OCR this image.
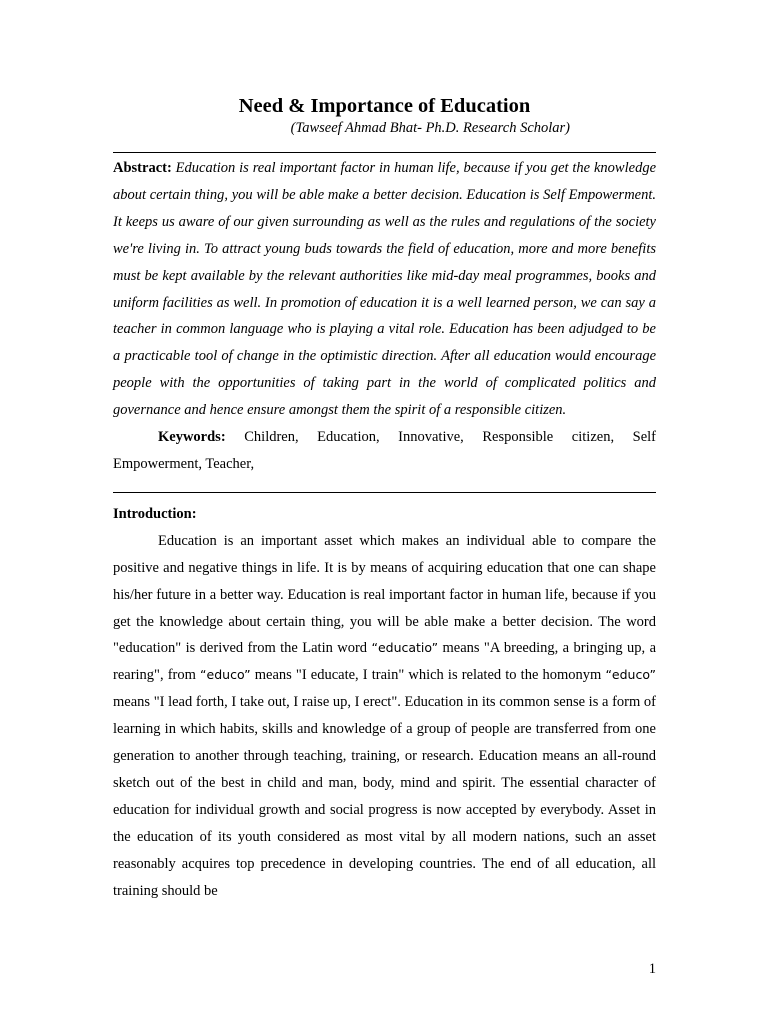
Need & Importance of Education

(Tawseef Ahmad Bhat- Ph.D. Research Scholar)

Abstract: Education is real important factor in human life, because if you get the knowledge about certain thing, you will be able make a better decision. Education is Self Empowerment. It keeps us aware of our given surrounding as well as the rules and regulations of the society we're living in. To attract young buds towards the field of education, more and more benefits must be kept available by the relevant authorities like mid-day meal programmes, books and uniform facilities as well. In promotion of education it is a well learned person, we can say a teacher in common language who is playing a vital role. Education has been adjudged to be a practicable tool of change in the optimistic direction. After all education would encourage people with the opportunities of taking part in the world of complicated politics and governance and hence ensure amongst them the spirit of a responsible citizen.

Keywords: Children, Education, Innovative, Responsible citizen, Self Empowerment, Teacher,

Introduction:

Education is an important asset which makes an individual able to compare the positive and negative things in life. It is by means of acquiring education that one can shape his/her future in a better way. Education is real important factor in human life, because if you get the knowledge about certain thing, you will be able make a better decision. The word "education" is derived from the Latin word “educatio” means "A breeding, a bringing up, a rearing", from “educo” means "I educate, I train" which is related to the homonym “educo” means "I lead forth, I take out, I raise up, I erect". Education in its common sense is a form of learning in which habits, skills and knowledge of a group of people are transferred from one generation to another through teaching, training, or research. Education means an all-round sketch out of the best in child and man, body, mind and spirit. The essential character of education for individual growth and social progress is now accepted by everybody. Asset in the education of its youth considered as most vital by all modern nations, such an asset reasonably acquires top precedence in developing countries. The end of all education, all training should be

1
